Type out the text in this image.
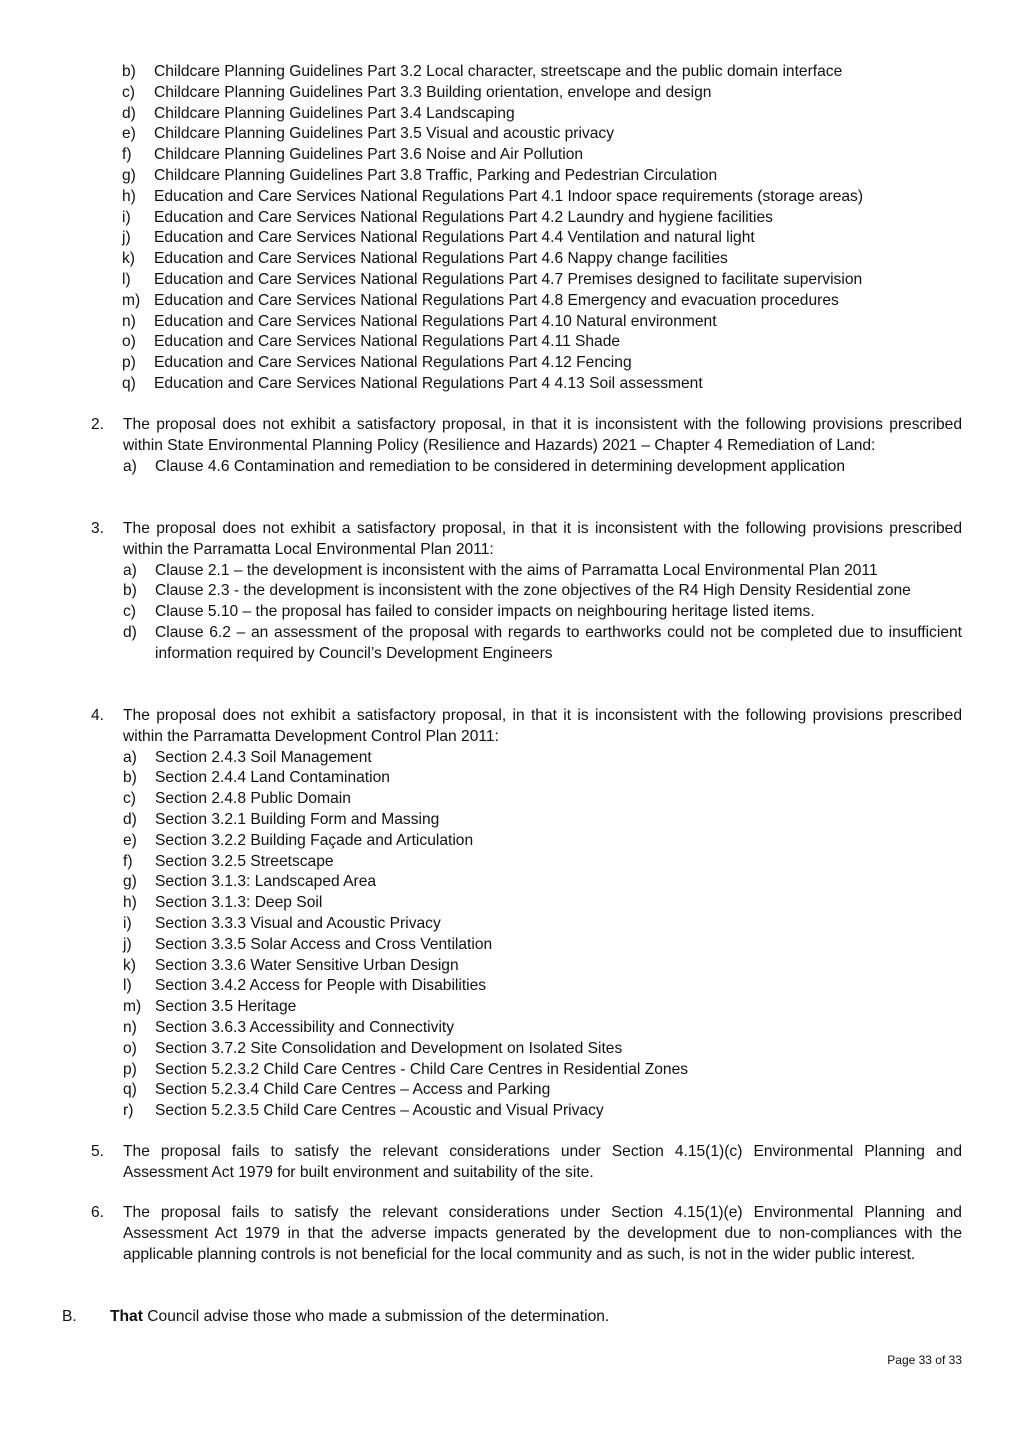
b)	Childcare Planning Guidelines Part 3.2 Local character, streetscape and the public domain interface
c)	Childcare Planning Guidelines Part 3.3 Building orientation, envelope and design
d)	Childcare Planning Guidelines Part 3.4 Landscaping
e)	Childcare Planning Guidelines Part 3.5 Visual and acoustic privacy
f)	Childcare Planning Guidelines Part 3.6 Noise and Air Pollution
g)	Childcare Planning Guidelines Part 3.8 Traffic, Parking and Pedestrian Circulation
h)	Education and Care Services National Regulations Part 4.1 Indoor space requirements (storage areas)
i)	Education and Care Services National Regulations Part 4.2 Laundry and hygiene facilities
j)	Education and Care Services National Regulations Part 4.4 Ventilation and natural light
k)	Education and Care Services National Regulations Part 4.6 Nappy change facilities
l)	Education and Care Services National Regulations Part 4.7 Premises designed to facilitate supervision
m) Education and Care Services National Regulations Part 4.8 Emergency and evacuation procedures
n)	Education and Care Services National Regulations Part 4.10 Natural environment
o)	Education and Care Services National Regulations Part 4.11 Shade
p)	Education and Care Services National Regulations Part 4.12 Fencing
q)	Education and Care Services National Regulations Part 4 4.13 Soil assessment
2.	The proposal does not exhibit a satisfactory proposal, in that it is inconsistent with the following provisions prescribed within State Environmental Planning Policy (Resilience and Hazards) 2021 – Chapter 4 Remediation of Land:
a)	Clause 4.6 Contamination and remediation to be considered in determining development application
3.	The proposal does not exhibit a satisfactory proposal, in that it is inconsistent with the following provisions prescribed within the Parramatta Local Environmental Plan 2011:
a)	Clause 2.1 – the development is inconsistent with the aims of Parramatta Local Environmental Plan 2011
b)	Clause 2.3 - the development is inconsistent with the zone objectives of the R4 High Density Residential zone
c)	Clause 5.10 – the proposal has failed to consider impacts on neighbouring heritage listed items.
d)	Clause 6.2 – an assessment of the proposal with regards to earthworks could not be completed due to insufficient information required by Council’s Development Engineers
4.	The proposal does not exhibit a satisfactory proposal, in that it is inconsistent with the following provisions prescribed within the Parramatta Development Control Plan 2011:
a)	Section 2.4.3 Soil Management
b)	Section 2.4.4 Land Contamination
c)	Section 2.4.8 Public Domain
d)	Section 3.2.1 Building Form and Massing
e)	Section 3.2.2 Building Façade and Articulation
f)	Section 3.2.5 Streetscape
g)	Section 3.1.3: Landscaped Area
h)	Section 3.1.3: Deep Soil
i)	Section 3.3.3 Visual and Acoustic Privacy
j)	Section 3.3.5 Solar Access and Cross Ventilation
k)	Section 3.3.6 Water Sensitive Urban Design
l)	Section 3.4.2 Access for People with Disabilities
m) Section 3.5 Heritage
n)	Section 3.6.3 Accessibility and Connectivity
o)	Section 3.7.2 Site Consolidation and Development on Isolated Sites
p)	Section 5.2.3.2 Child Care Centres - Child Care Centres in Residential Zones
q)	Section 5.2.3.4 Child Care Centres – Access and Parking
r)	Section 5.2.3.5 Child Care Centres – Acoustic and Visual Privacy
5.	The proposal fails to satisfy the relevant considerations under Section 4.15(1)(c) Environmental Planning and Assessment Act 1979 for built environment and suitability of the site.
6.	The proposal fails to satisfy the relevant considerations under Section 4.15(1)(e) Environmental Planning and Assessment Act 1979 in that the adverse impacts generated by the development due to non-compliances with the applicable planning controls is not beneficial for the local community and as such, is not in the wider public interest.
B.	That Council advise those who made a submission of the determination.
Page 33 of 33
